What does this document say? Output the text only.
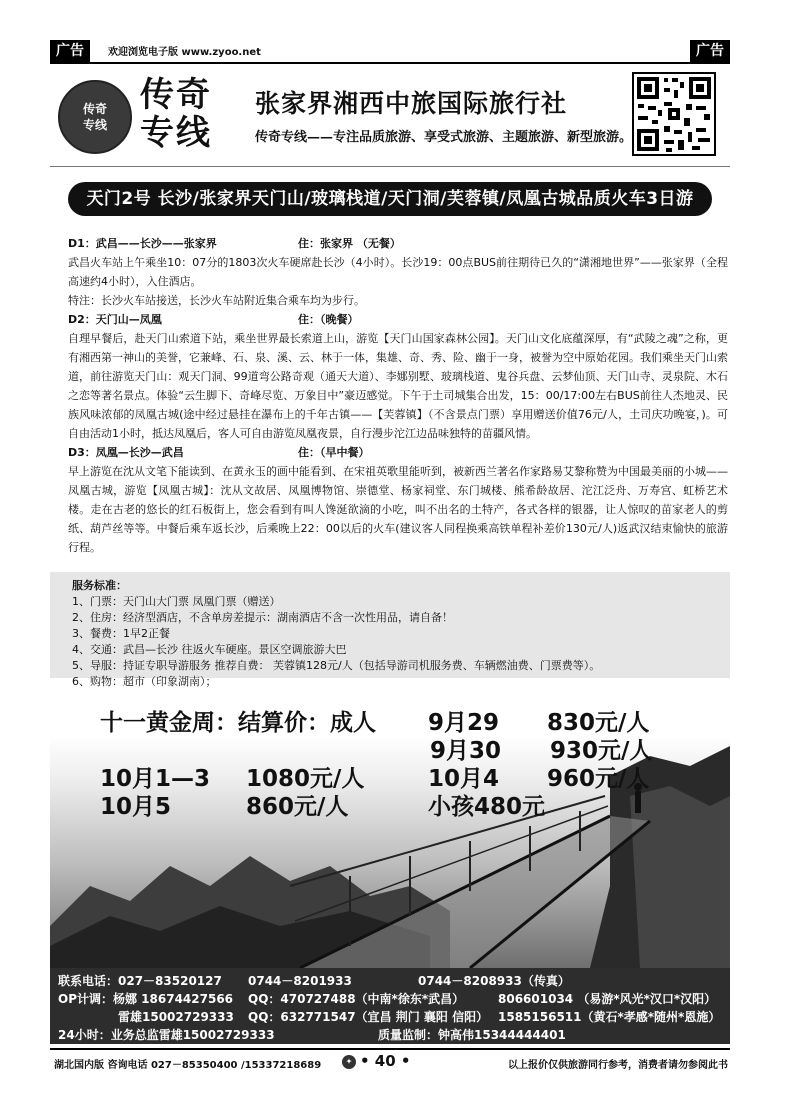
广告	欢迎浏览电子版 www.zyoo.net	广告
传奇
专线
传奇
专线
张家界湘西中旅国际旅行社
传奇专线——专注品质旅游、享受式旅游、主题旅游、新型旅游。
天门2号 长沙/张家界天门山/玻璃栈道/天门洞/芙蓉镇/凤凰古城品质火车3日游
D1：武昌——长沙——张家界	住：张家界 （无餐）
武昌火车站上午乘坐10：07分的1803次火车硬席赴长沙（4小时）。长沙19：00点BUS前往期待已久的“潇湘地世界”——张家界（全程高速约4小时），入住酒店。
特注：长沙火车站接送，长沙火车站附近集合乘车均为步行。
D2：天门山—凤凰	住：（晚餐）
自理早餐后，赴天门山索道下站，乘坐世界最长索道上山，游览【天门山国家森林公园】。天门山文化底蕴深厚，有“武陵之魂”之称，更有湘西第一神山的美誉，它兼峰、石、泉、溪、云、林于一体，集雄、奇、秀、险、幽于一身，被誉为空中原始花园。我们乘坐天门山索道，前往游览天门山：观天门洞、99道弯公路奇观（通天大道）、李娜别墅、玻璃栈道、鬼谷兵盘、云梦仙顶、天门山寺、灵泉院、木石之恋等著名景点。体验“云生脚下、奇峰尽览、万象目中”豪迈感觉。下午于土司城集合出发，15：00/17:00左右BUS前往人杰地灵、民族风味浓郁的凤凰古城(途中经过悬挂在瀑布上的千年古镇——【芙蓉镇】（不含景点门票）享用赠送价值76元/人，土司庆功晚宴，)。可自由活动1小时，抵达凤凰后，客人可自由游览凤凰夜景，自行漫步沱江边品味独特的苗疆风情。
D3：凤凰—长沙—武昌	住：（早中餐）
早上游览在沈从文笔下能读到、在黄永玉的画中能看到、在宋祖英歌里能听到，被新西兰著名作家路易艾黎称赞为中国最美丽的小城——凤凰古城，游览【凤凰古城】：沈从文故居、凤凰博物馆、崇德堂、杨家祠堂、东门城楼、熊希龄故居、沱江泛舟、万寿宫、虹桥艺术楼。走在古老的悠长的红石板街上，您会看到有叫人馋涎欲滴的小吃，叫不出名的土特产，各式各样的银器，让人惊叹的苗家老人的剪纸、葫芦丝等等。中餐后乘车返长沙，后乘晚上22：00以后的火车(建议客人同程换乘高铁单程补差价130元/人)返武汉结束愉快的旅游行程。
服务标准：
1、门票：天门山大门票 凤凰门票（赠送）
2、住房：经济型酒店，不含单房差提示：湖南酒店不含一次性用品，请自备！
3、餐费：1早2正餐
4、交通：武昌—长沙 往返火车硬座。景区空调旅游大巴
5、导服：持证专职导游服务 推荐自费： 芙蓉镇128元/人（包括导游司机服务费、车辆燃油费、门票费等）。
6、购物：超市（印象湖南）；
十一黄金周：结算价：成人 9月29 830元/人
9月30 930元/人
10月1—3 1080元/人	10月4 960元/人
10月5	860元/人	小孩480元
联系电话：027－83520127 0744－8201933	0744－8208933（传真）
OP计调：杨娜 18674427566 QQ：470727488（中南*徐东*武昌）	806601034 （易游*风光*汉口*汉阳）
雷雄15002729333 QQ：632771547（宜昌 荆门 襄阳 信阳） 1585156511（黄石*孝感*随州*恩施）
24小时：业务总监雷雄15002729333	质量监制：钟高伟15344444401
湖北国内版 咨询电话 027－85350400 /15337218689	✦ • 40 •	以上报价仅供旅游同行参考，消费者请勿参阅此书
